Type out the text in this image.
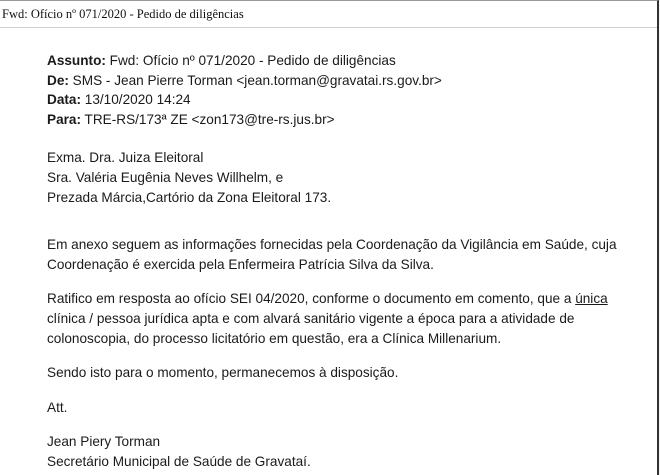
Fwd: Ofício nº 071/2020 - Pedido de diligências

Assunto: Fwd: Ofício nº 071/2020 - Pedido de diligências

De: SMS - Jean Pierre Torman <jean.torman@gravatai.rs.gov.br>

Data: 13/10/2020 14:24

Para: TRE-RS/173ª ZE <zon173@tre-rs.jus.br>

Exma. Dra. Juiza Eleitoral

Sra. Valéria Eugênia Neves Willhelm, e

Prezada Márcia,Cartório da Zona Eleitoral 173.

Em anexo seguem as informações fornecidas pela Coordenação da Vigilância em Saúde, cuja Coordenação é exercida pela Enfermeira Patrícia Silva da Silva.

Ratifico em resposta ao ofício SEI 04/2020, conforme o documento em comento, que a única clínica / pessoa jurídica apta e com alvará sanitário vigente a época para a atividade de colonoscopia, do processo licitatório em questão, era a Clínica Millenarium.

Sendo isto para o momento, permanecemos à disposição.

Att.

Jean Piery Torman

Secretário Municipal de Saúde de Gravataí.
